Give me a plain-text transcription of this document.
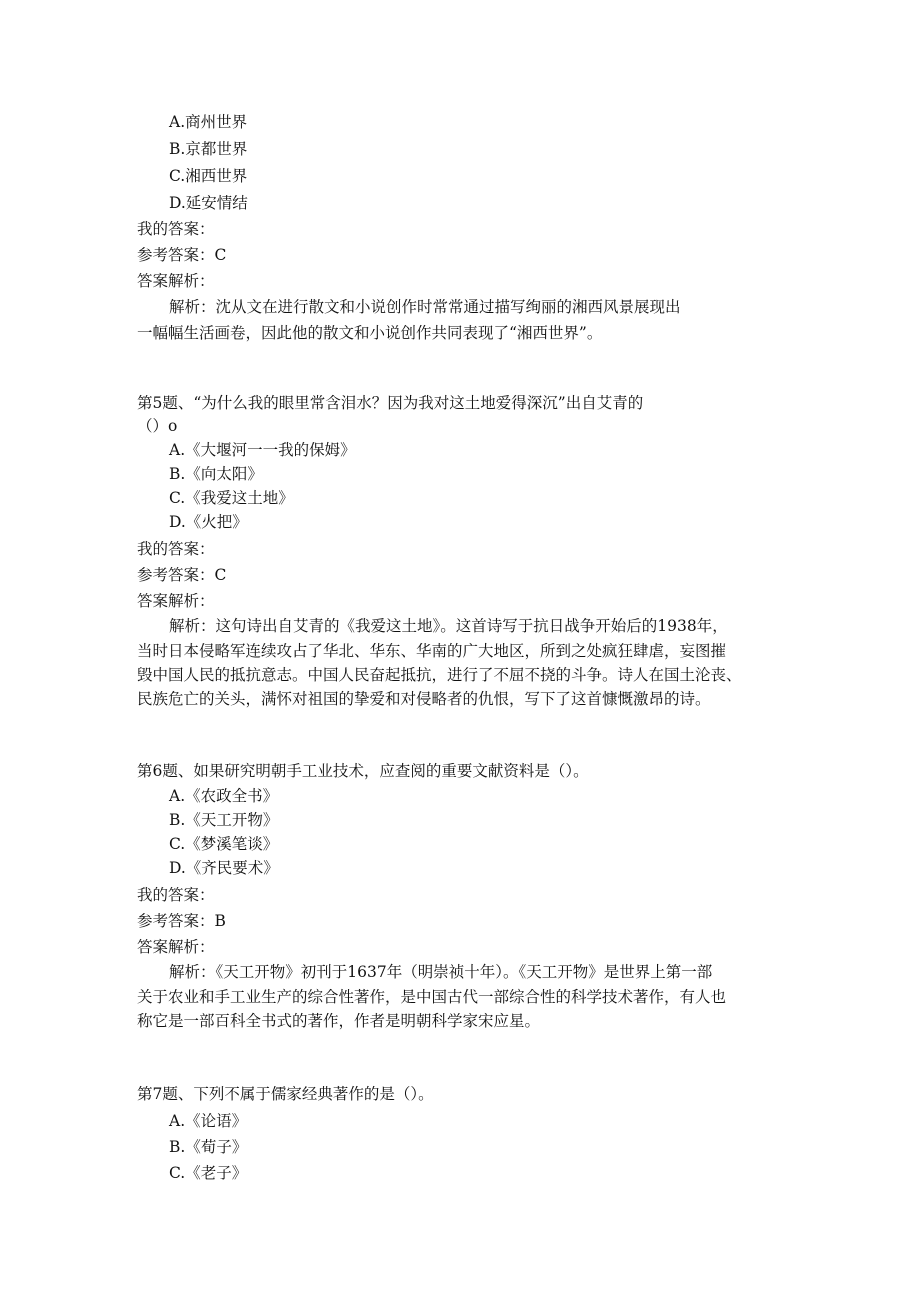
A.商州世界
B.京都世界
C.湘西世界
D.延安情结
我的答案：
参考答案：C
答案解析：
解析：沈从文在进行散文和小说创作时常常通过描写绚丽的湘西风景展现出
一幅幅生活画卷，因此他的散文和小说创作共同表现了“湘西世界”。
第5题、“为什么我的眼里常含泪水？因为我对这土地爱得深沉”出自艾青的
（）o
A.《大堰河一一我的保姆》
B.《向太阳》
C.《我爱这土地》
D.《火把》
我的答案：
参考答案：C
答案解析：
解析：这句诗出自艾青的《我爱这土地》。这首诗写于抗日战争开始后的1938年，
当时日本侵略军连续攻占了华北、华东、华南的广大地区，所到之处疯狂肆虐，妄图摧
毁中国人民的抵抗意志。中国人民奋起抵抗，进行了不屈不挠的斗争。诗人在国土沦丧、
民族危亡的关头，满怀对祖国的挚爱和对侵略者的仇恨，写下了这首慷慨激昂的诗。
第6题、如果研究明朝手工业技术，应查阅的重要文献资料是（）。
A.《农政全书》
B.《天工开物》
C.《梦溪笔谈》
D.《齐民要术》
我的答案：
参考答案：B
答案解析：
解析：《天工开物》初刊于1637年（明崇祯十年）。《天工开物》是世界上第一部
关于农业和手工业生产的综合性著作，是中国古代一部综合性的科学技术著作，有人也
称它是一部百科全书式的著作，作者是明朝科学家宋应星。
第7题、下列不属于儒家经典著作的是（）。
A.《论语》
B.《荀子》
C.《老子》
